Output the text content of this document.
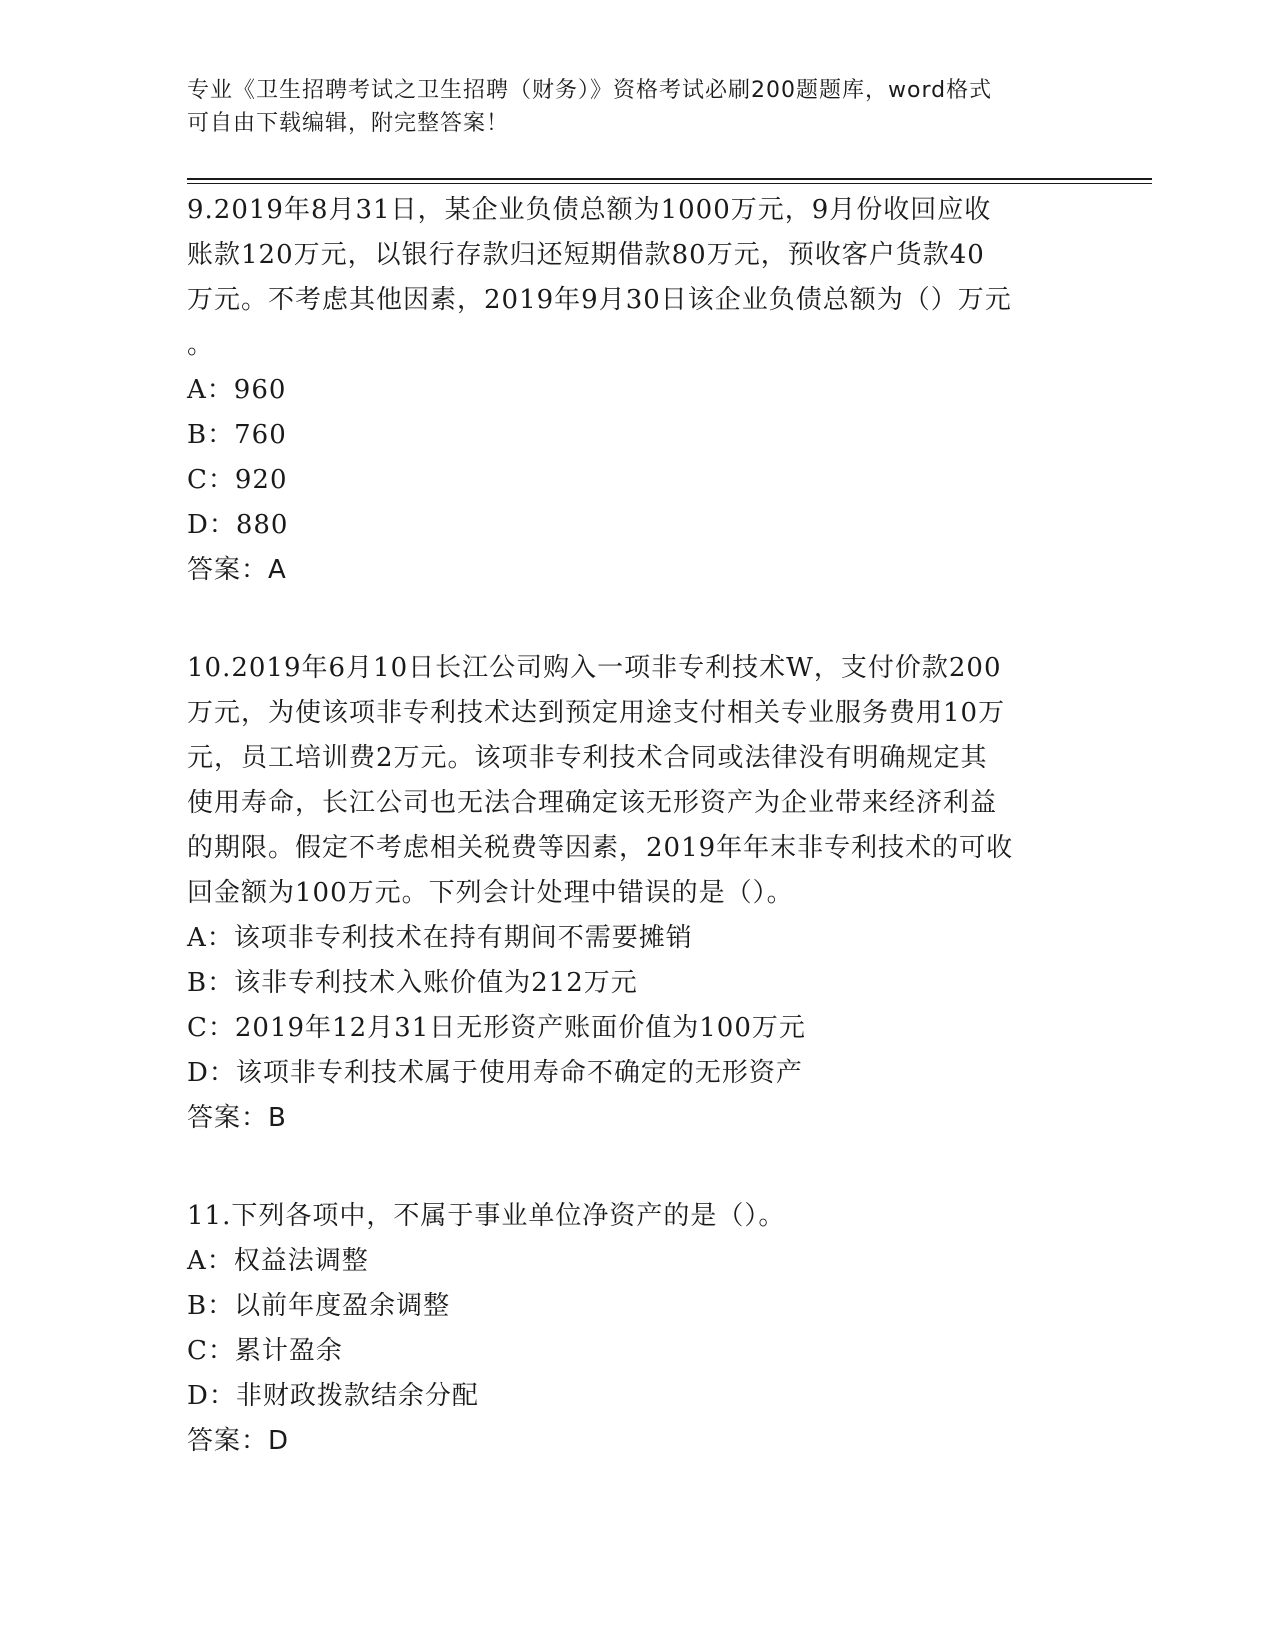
专业《卫生招聘考试之卫生招聘（财务）》资格考试必刷200题题库，word格式
可自由下载编辑，附完整答案！
9.2019年8月31日，某企业负债总额为1000万元，9月份收回应收
账款120万元，以银行存款归还短期借款80万元，预收客户货款40
万元。不考虑其他因素，2019年9月30日该企业负债总额为（）万元
。
A：960
B：760
C：920
D：880
答案：A
10.2019年6月10日长江公司购入一项非专利技术W，支付价款200
万元，为使该项非专利技术达到预定用途支付相关专业服务费用10万
元，员工培训费2万元。该项非专利技术合同或法律没有明确规定其
使用寿命，长江公司也无法合理确定该无形资产为企业带来经济利益
的期限。假定不考虑相关税费等因素，2019年年末非专利技术的可收
回金额为100万元。下列会计处理中错误的是（）。
A：该项非专利技术在持有期间不需要摊销
B：该非专利技术入账价值为212万元
C：2019年12月31日无形资产账面价值为100万元
D：该项非专利技术属于使用寿命不确定的无形资产
答案：B
11.下列各项中，不属于事业单位净资产的是（）。
A：权益法调整
B：以前年度盈余调整
C：累计盈余
D：非财政拨款结余分配
答案：D
